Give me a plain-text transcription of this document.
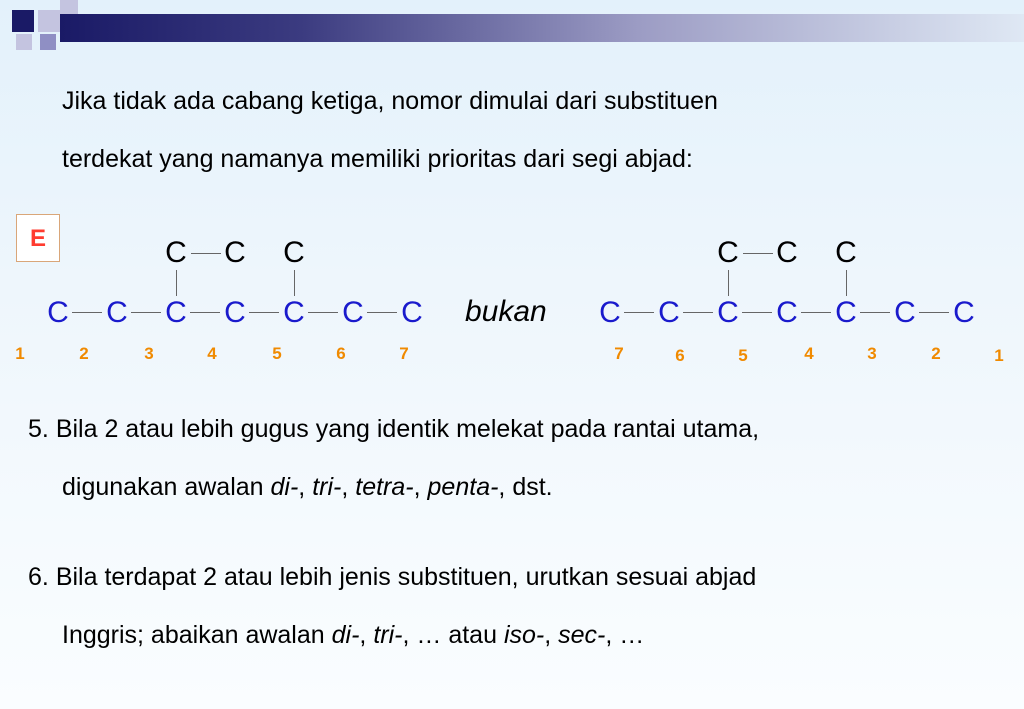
Jika tidak ada cabang ketiga, nomor dimulai dari substituen
terdekat yang namanya memiliki prioritas dari segi abjad:

E	C C C
C C C C C C C
1	2	3	4	5	6	7
bukan
C C C
C C C C C C C
7	6	5	4	3	2	1

5. Bila 2 atau lebih gugus yang identik melekat pada rantai utama,
digunakan awalan di-, tri-, tetra-, penta-, dst.

6. Bila terdapat 2 atau lebih jenis substituen, urutkan sesuai abjad
Inggris; abaikan awalan di-, tri-, … atau iso-, sec-, …
